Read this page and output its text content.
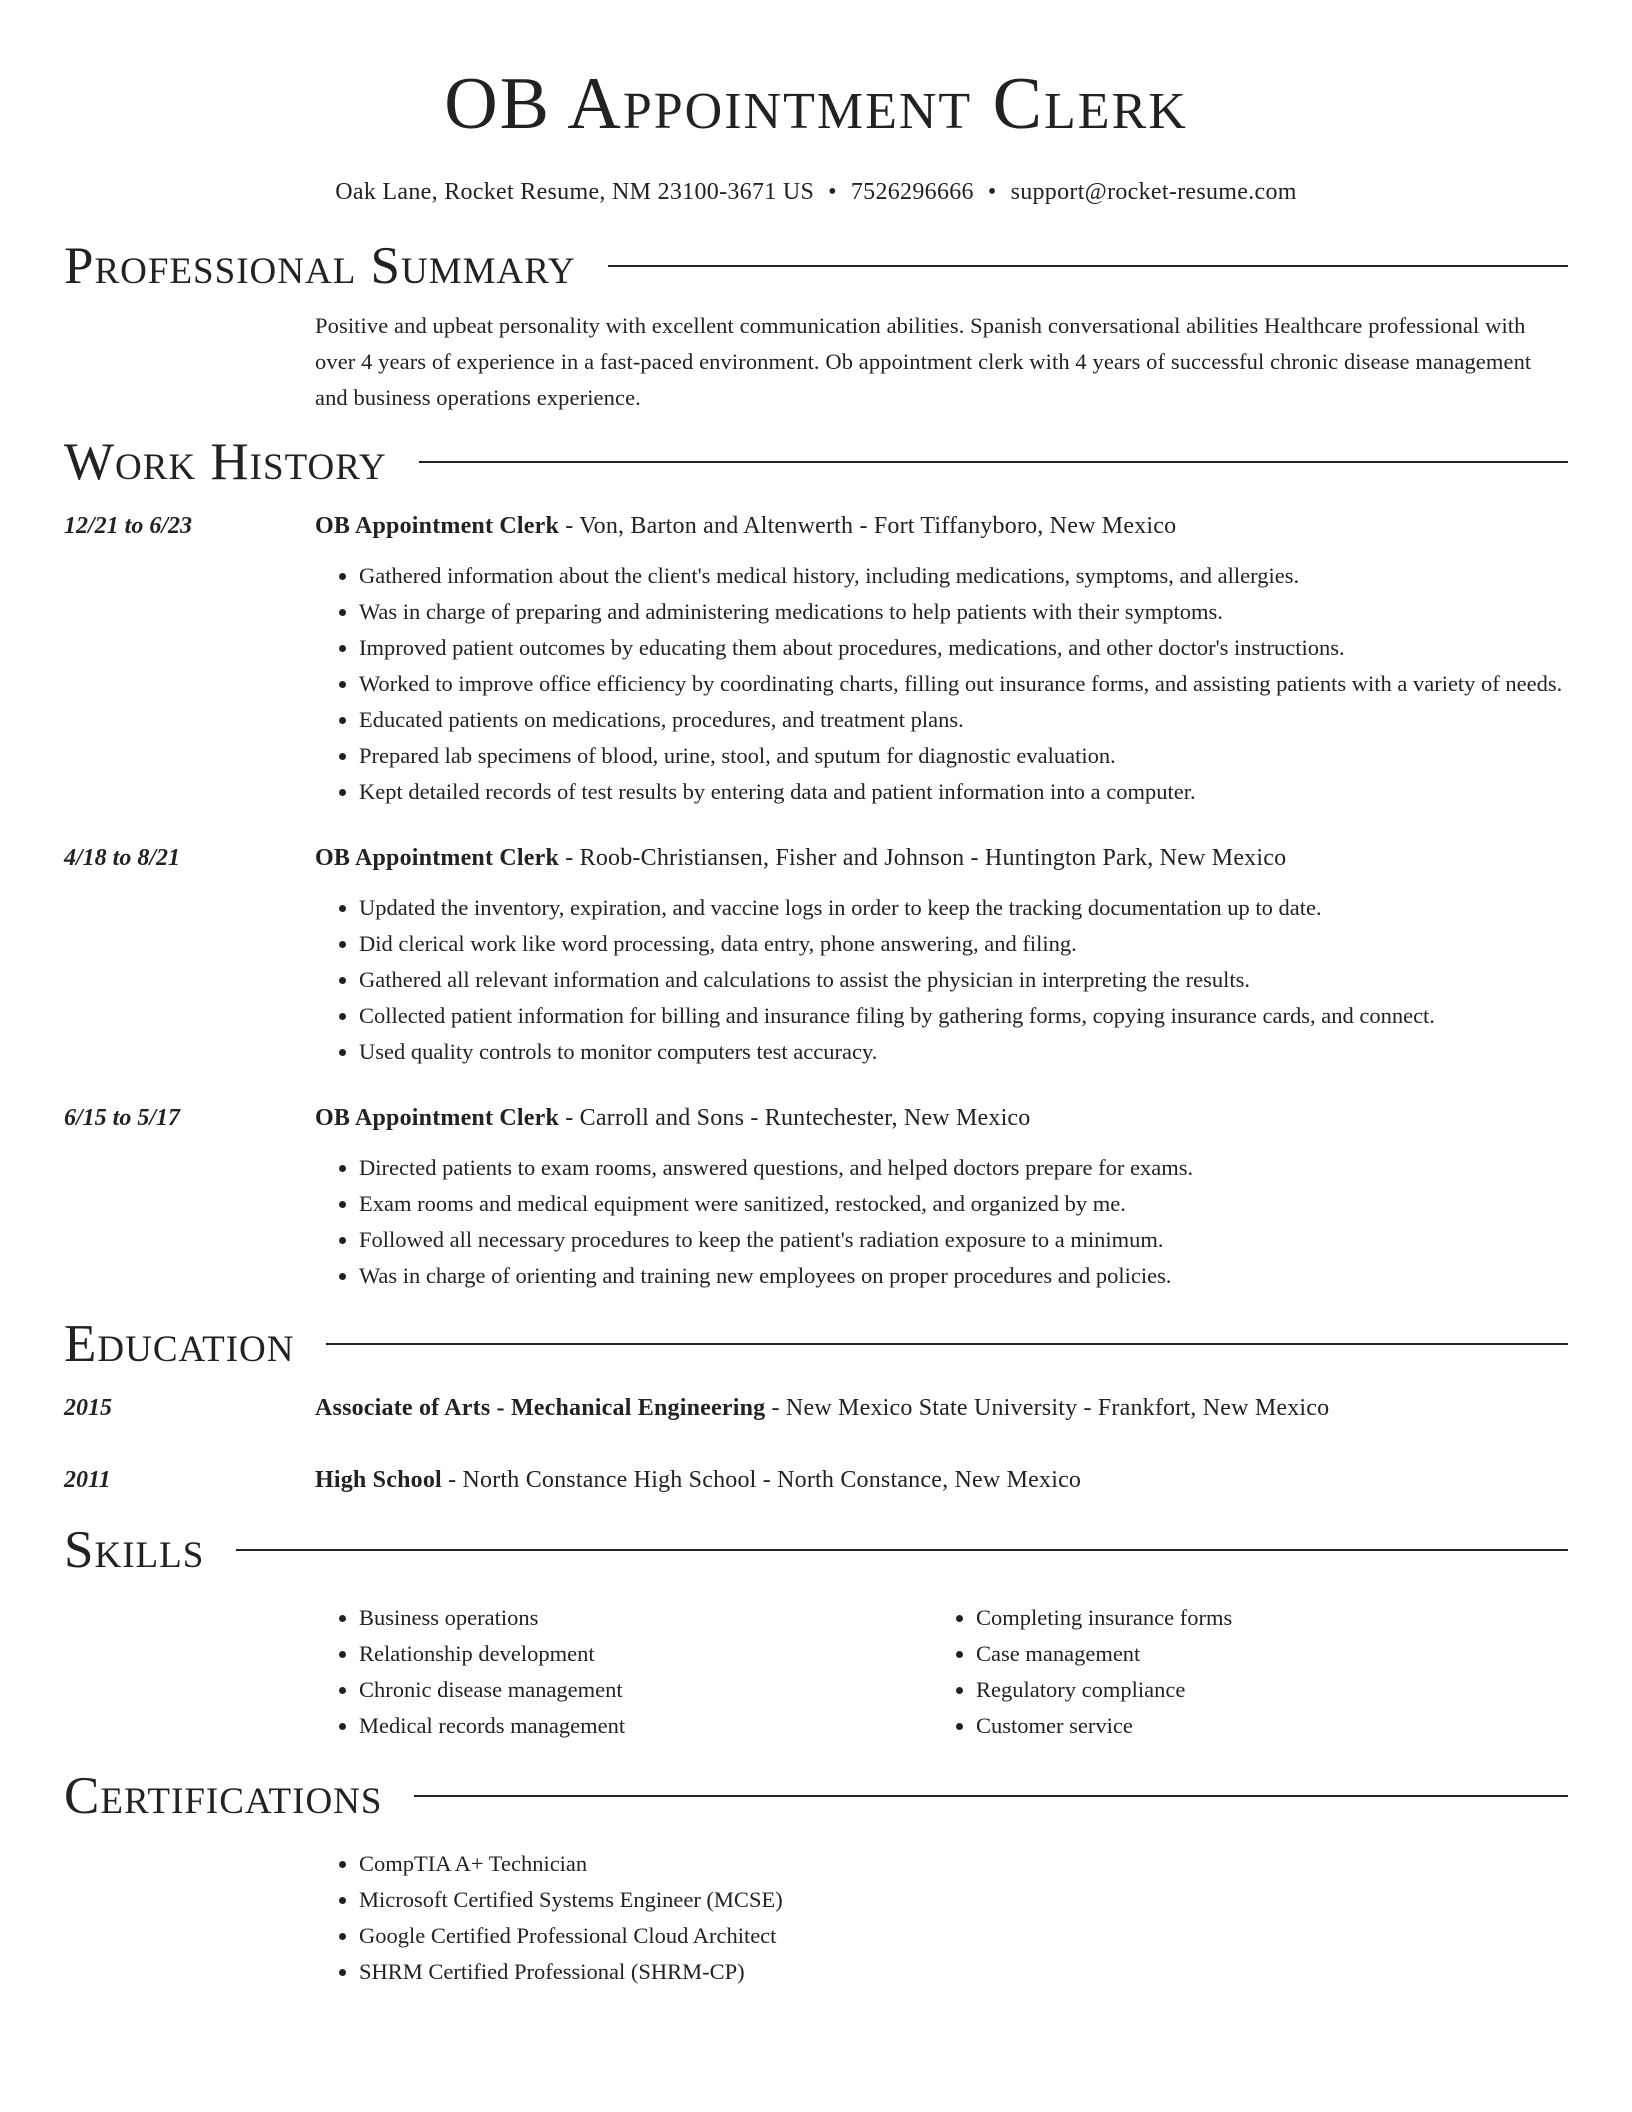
OB Appointment Clerk
Oak Lane, Rocket Resume, NM 23100-3671 US • 7526296666 • support@rocket-resume.com
Professional Summary
Positive and upbeat personality with excellent communication abilities. Spanish conversational abilities Healthcare professional with over 4 years of experience in a fast-paced environment. Ob appointment clerk with 4 years of successful chronic disease management and business operations experience.
Work History
12/21 to 6/23	OB Appointment Clerk - Von, Barton and Altenwerth - Fort Tiffanyboro, New Mexico
• Gathered information about the client's medical history, including medications, symptoms, and allergies.
• Was in charge of preparing and administering medications to help patients with their symptoms.
• Improved patient outcomes by educating them about procedures, medications, and other doctor's instructions.
• Worked to improve office efficiency by coordinating charts, filling out insurance forms, and assisting patients with a variety of needs.
• Educated patients on medications, procedures, and treatment plans.
• Prepared lab specimens of blood, urine, stool, and sputum for diagnostic evaluation.
• Kept detailed records of test results by entering data and patient information into a computer.
4/18 to 8/21	OB Appointment Clerk - Roob-Christiansen, Fisher and Johnson - Huntington Park, New Mexico
• Updated the inventory, expiration, and vaccine logs in order to keep the tracking documentation up to date.
• Did clerical work like word processing, data entry, phone answering, and filing.
• Gathered all relevant information and calculations to assist the physician in interpreting the results.
• Collected patient information for billing and insurance filing by gathering forms, copying insurance cards, and connect.
• Used quality controls to monitor computers test accuracy.
6/15 to 5/17	OB Appointment Clerk - Carroll and Sons - Runtechester, New Mexico
• Directed patients to exam rooms, answered questions, and helped doctors prepare for exams.
• Exam rooms and medical equipment were sanitized, restocked, and organized by me.
• Followed all necessary procedures to keep the patient's radiation exposure to a minimum.
• Was in charge of orienting and training new employees on proper procedures and policies.
Education
2015	Associate of Arts - Mechanical Engineering - New Mexico State University - Frankfort, New Mexico
2011	High School - North Constance High School - North Constance, New Mexico
Skills
• Business operations
• Relationship development
• Chronic disease management
• Medical records management
• Completing insurance forms
• Case management
• Regulatory compliance
• Customer service
Certifications
• CompTIA A+ Technician
• Microsoft Certified Systems Engineer (MCSE)
• Google Certified Professional Cloud Architect
• SHRM Certified Professional (SHRM-CP)
